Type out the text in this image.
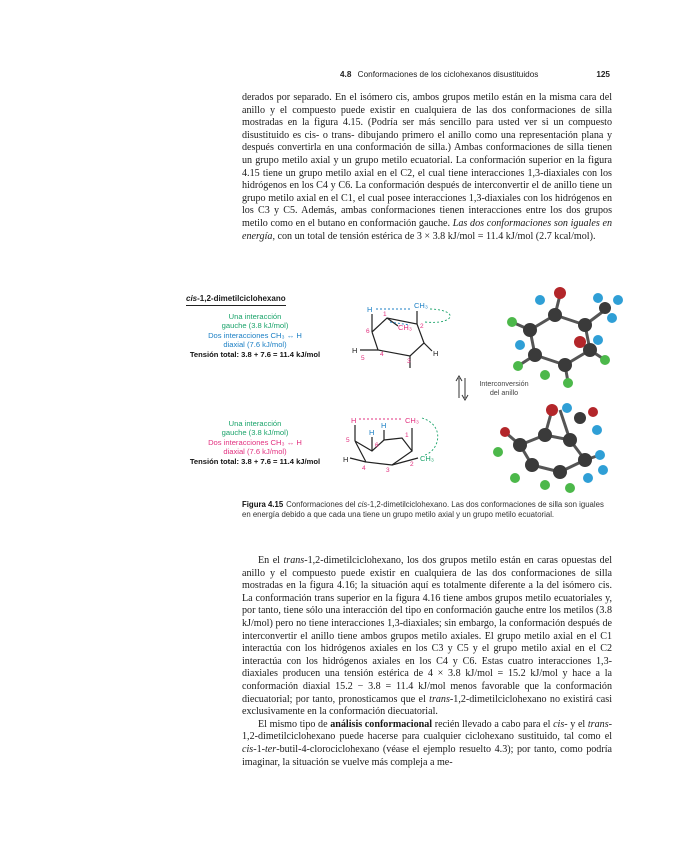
4.8 Conformaciones de los ciclohexanos disustituidos	125

derados por separado. En el isómero cis, ambos grupos metilo están en la misma cara del anillo y el compuesto puede existir en cualquiera de las dos conformaciones de silla mostradas en la figura 4.15. (Podría ser más sencillo para usted ver si un compuesto disustituido es cis- o trans- dibujando primero el anillo como una representación plana y después convertirla en una conformación de silla.) Ambas conformaciones de silla tienen un grupo metilo axial y un grupo metilo ecuatorial. La conformación superior en la figura 4.15 tiene un grupo metilo axial en el C2, el cual tiene interacciones 1,3-diaxiales con los hidrógenos en los C4 y C6. La conformación después de interconvertir el de anillo tiene un grupo metilo axial en el C1, el cual posee interacciones 1,3-diaxiales con los hidrógenos en los C3 y C5. Además, ambas conformaciones tienen interacciones entre los dos grupos metilo como en el butano en conformación gauche. Las dos conformaciones son iguales en energía, con un total de tensión estérica de 3 × 3.8 kJ/mol = 11.4 kJ/mol (2.7 kcal/mol).

cis-1,2-dimetilciclohexano
Una interacción
gauche (3.8 kJ/mol)
Dos interacciones CH₃ ↔ H
diaxial (7.6 kJ/mol)
Tensión total: 3.8 + 7.6 = 11.4 kJ/mol
Una interacción
gauche (3.8 kJ/mol)
Dos interacciones CH₃ ↔ H
diaxial (7.6 kJ/mol)
Tensión total: 3.8 + 7.6 = 11.4 kJ/mol
Interconversión
del anillo
H	CH₃
CH₃
H	H
6
1
2
3
4
5
H	CH₃
H
H
H	CH₃
5
6
1
2
3
4
Figura 4.15 Conformaciones del cis-1,2-dimetilciclohexano. Las dos conformaciones de silla son iguales en energía debido a que cada una tiene un grupo metilo axial y un grupo metilo ecuatorial.

En el trans-1,2-dimetilciclohexano, los dos grupos metilo están en caras opuestas del anillo y el compuesto puede existir en cualquiera de las dos conformaciones de silla mostradas en la figura 4.16; la situación aquí es totalmente diferente a la del isómero cis. La conformación trans superior en la figura 4.16 tiene ambos grupos metilo ecuatoriales y, por tanto, tiene sólo una interacción del tipo en conformación gauche entre los metilos (3.8 kJ/mol) pero no tiene interacciones 1,3-diaxiales; sin embargo, la conformación después de interconvertir el anillo tiene ambos grupos metilo axiales. El grupo metilo axial en el C1 interactúa con los hidrógenos axiales en los C3 y C5 y el grupo metilo axial en el C2 interactúa con los hidrógenos axiales en los C4 y C6. Estas cuatro interacciones 1,3-diaxiales producen una tensión estérica de 4 × 3.8 kJ/mol = 15.2 kJ/mol y hace a la conformación diaxial 15.2 − 3.8 = 11.4 kJ/mol menos favorable que la conformación diecuatorial; por tanto, pronosticamos que el trans-1,2-dimetilciclohexano no existirá casi exclusivamente en la conformación diecuatorial.

El mismo tipo de análisis conformacional recién llevado a cabo para el cis- y el trans-1,2-dimetilciclohexano puede hacerse para cualquier ciclohexano sustituido, tal como el cis-1-ter-butil-4-clorociclohexano (véase el ejemplo resuelto 4.3); por tanto, como podría imaginar, la situación se vuelve más compleja a me-
